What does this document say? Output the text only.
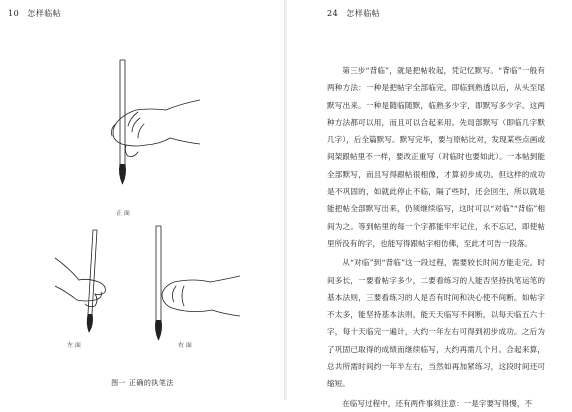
10 怎样临帖
正 面
左 面	右 面
图一 正确的执笔法
24 怎样临帖

第三步“背临”，就是把帖收起，凭记忆默写。“背临”一般有两种方法：一种是把帖字全部临完，即临到熟透以后，从头至尾默写出来。一种是随临随默，临熟多少字，即默写多少字。这两种方法都可以用，而且可以合起来用。先局部默写（即临几字默几字），后全篇默写。默写完毕，要与原帖比对，发现某些点画或间架跟帖里不一样，要改正重写（对临时也要如此）。一本帖到能全部默写，而且写得跟帖很相像，才算初步成功。但这样的成功是不巩固的，如就此停止不临，隔了些时，还会回生，所以就是能把帖全部默写出来，仍须继续临写，这时可以“对临”“背临”相间为之。等到帖里的每一个字都能牢牢记住，永不忘记，即使帖里所没有的字，也能写得跟帖字相仿佛，至此才可告一段落。

从“对临”到“背临”这一段过程，需要较长时间方能走完。时间多长，一要看帖字多少，二要看练习的人能否坚持执笔运笔的基本法则，三要看练习的人是否有时间和决心使不间断。如帖字不太多，能坚持基本法则，能天天临写不间断，以每天临五六十字，每十天临完一遍计，大约一年左右可得到初步成功。之后为了巩固已取得的成绩而继续临写，大约再需几个月。合起来算，总共所需时间约一年半左右，当然如再加紧练习，这段时间还可缩短。

在临写过程中，还有两件事须注意：一是字要写得慢，不
